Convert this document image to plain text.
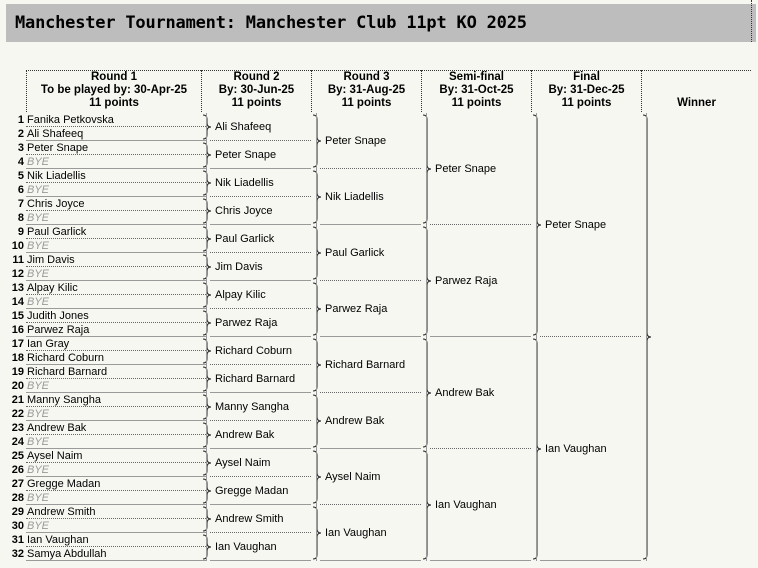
Manchester Tournament: Manchester Club 11pt KO 2025
Round 1
To be played by: 30-Apr-25
11 points
Round 2
By: 30-Jun-25
11 points
Round 3
By: 31-Aug-25
11 points
Semi-final
By: 31-Oct-25
11 points
Final
By: 31-Dec-25
11 points	Winner
1 Fanika Petkovska
2 Ali Shafeeq
3 Peter Snape
4 BYE
5 Nik Liadellis
6 BYE
7 Chris Joyce
8 BYE
9 Paul Garlick
10 BYE
11 Jim Davis
12 BYE
13 Alpay Kilic
14 BYE
15 Judith Jones
16 Parwez Raja
17 Ian Gray
18 Richard Coburn
19 Richard Barnard
20 BYE
21 Manny Sangha
22 BYE
23 Andrew Bak
24 BYE
25 Aysel Naim
26 BYE
27 Gregge Madan
28 BYE
29 Andrew Smith
30 BYE
31 Ian Vaughan
32 Samya Abdullah
Ali Shafeeq
Peter Snape
Nik Liadellis
Chris Joyce
Paul Garlick
Jim Davis
Alpay Kilic
Parwez Raja
Richard Coburn
Richard Barnard
Manny Sangha
Andrew Bak
Aysel Naim
Gregge Madan
Andrew Smith
Ian Vaughan
Peter Snape
Nik Liadellis
Paul Garlick
Parwez Raja
Richard Barnard
Andrew Bak
Aysel Naim
Ian Vaughan
Peter Snape
Parwez Raja
Andrew Bak
Ian Vaughan
Peter Snape
Ian Vaughan
